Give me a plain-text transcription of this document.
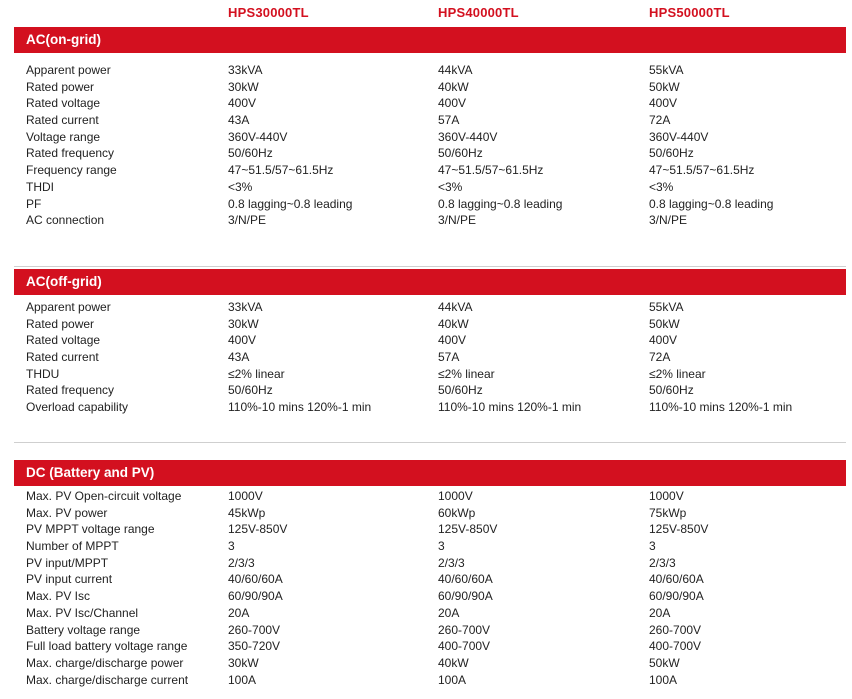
HPS30000TL	HPS40000TL	HPS50000TL
AC(on-grid)
Apparent power	33kVA	44kVA	55kVA
Rated power	30kW	40kW	50kW
Rated voltage	400V	400V	400V
Rated current	43A	57A	72A
Voltage range	360V-440V	360V-440V	360V-440V
Rated frequency	50/60Hz	50/60Hz	50/60Hz
Frequency range	47~51.5/57~61.5Hz	47~51.5/57~61.5Hz	47~51.5/57~61.5Hz
THDI	<3%	<3%	<3%
PF	0.8 lagging~0.8 leading	0.8 lagging~0.8 leading	0.8 lagging~0.8 leading
AC connection	3/N/PE	3/N/PE	3/N/PE
AC(off-grid)
Apparent power	33kVA	44kVA	55kVA
Rated power	30kW	40kW	50kW
Rated voltage	400V	400V	400V
Rated current	43A	57A	72A
THDU	≤2% linear	≤2% linear	≤2% linear
Rated frequency	50/60Hz	50/60Hz	50/60Hz
Overload capability	110%-10 mins 120%-1 min	110%-10 mins 120%-1 min	110%-10 mins 120%-1 min
DC (Battery and PV)
Max. PV Open-circuit voltage	1000V	1000V	1000V
Max. PV power	45kWp	60kWp	75kWp
PV MPPT voltage range	125V-850V	125V-850V	125V-850V
Number of MPPT	3	3	3
PV input/MPPT	2/3/3	2/3/3	2/3/3
PV input current	40/60/60A	40/60/60A	40/60/60A
Max. PV Isc	60/90/90A	60/90/90A	60/90/90A
Max. PV Isc/Channel	20A	20A	20A
Battery voltage range	260-700V	260-700V	260-700V
Full load battery voltage range	350-720V	400-700V	400-700V
Max. charge/discharge power	30kW	40kW	50kW
Max. charge/discharge current	100A	100A	100A
